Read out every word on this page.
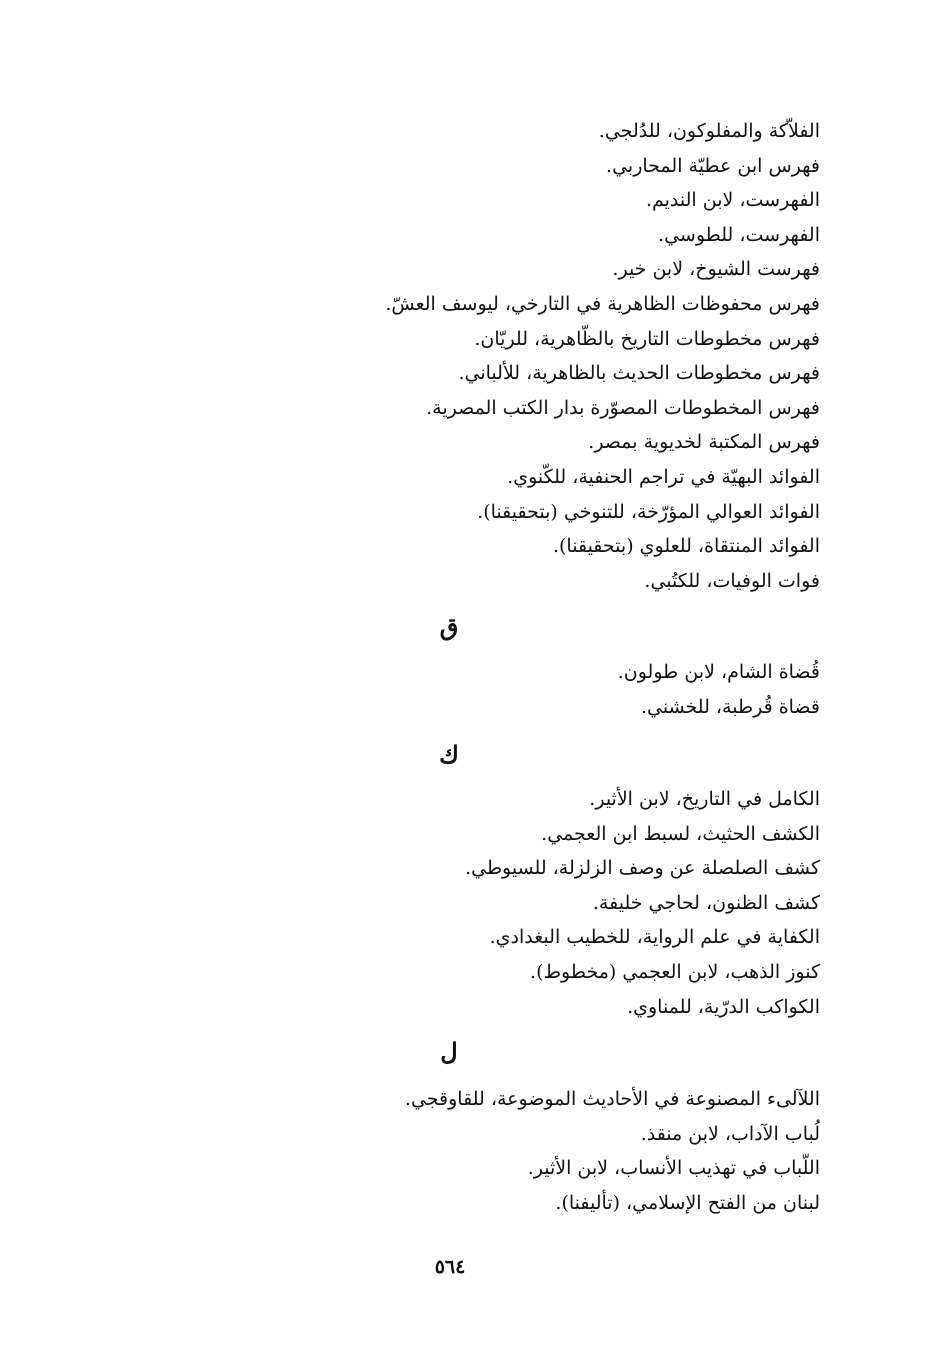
الفلاّكة والمفلوكون، للدُلجي.
فهرس ابن عطيّة المحاربي.
الفهرست، لابن النديم.
الفهرست، للطوسي.
فهرست الشيوخ، لابن خير.
فهرس محفوظات الظاهرية في التارخي، ليوسف العشّ.
فهرس مخطوطات التاريخ بالظّاهرية، للريّان.
فهرس مخطوطات الحديث بالظاهرية، للألباني.
فهرس المخطوطات المصوّرة بدار الكتب المصرية.
فهرس المكتبة لخديوية بمصر.
الفوائد البهيّة في تراجم الحنفية، للكّنوي.
الفوائد العوالي المؤرّخة، للتنوخي (بتحقيقنا).
الفوائد المنتقاة، للعلوي (بتحقيقنا).
فوات الوفيات، للكتُبي.
ق
قُضاة الشام، لابن طولون.
قضاة قُرطبة، للخشني.
ك
الكامل في التاريخ، لابن الأثير.
الكشف الحثيث، لسبط ابن العجمي.
كشف الصلصلة عن وصف الزلزلة، للسيوطي.
كشف الظنون، لحاجي خليفة.
الكفاية في علم الرواية، للخطيب البغدادي.
كنوز الذهب، لابن العجمي (مخطوط).
الكواكب الدرّية، للمناوي.
ل
اللآلىء المصنوعة في الأحاديث الموضوعة، للقاوقجي.
لُباب الآداب، لابن منقذ.
اللّباب في تهذيب الأنساب، لابن الأثير.
لبنان من الفتح الإسلامي، (تأليفنا).
٥٦٤
